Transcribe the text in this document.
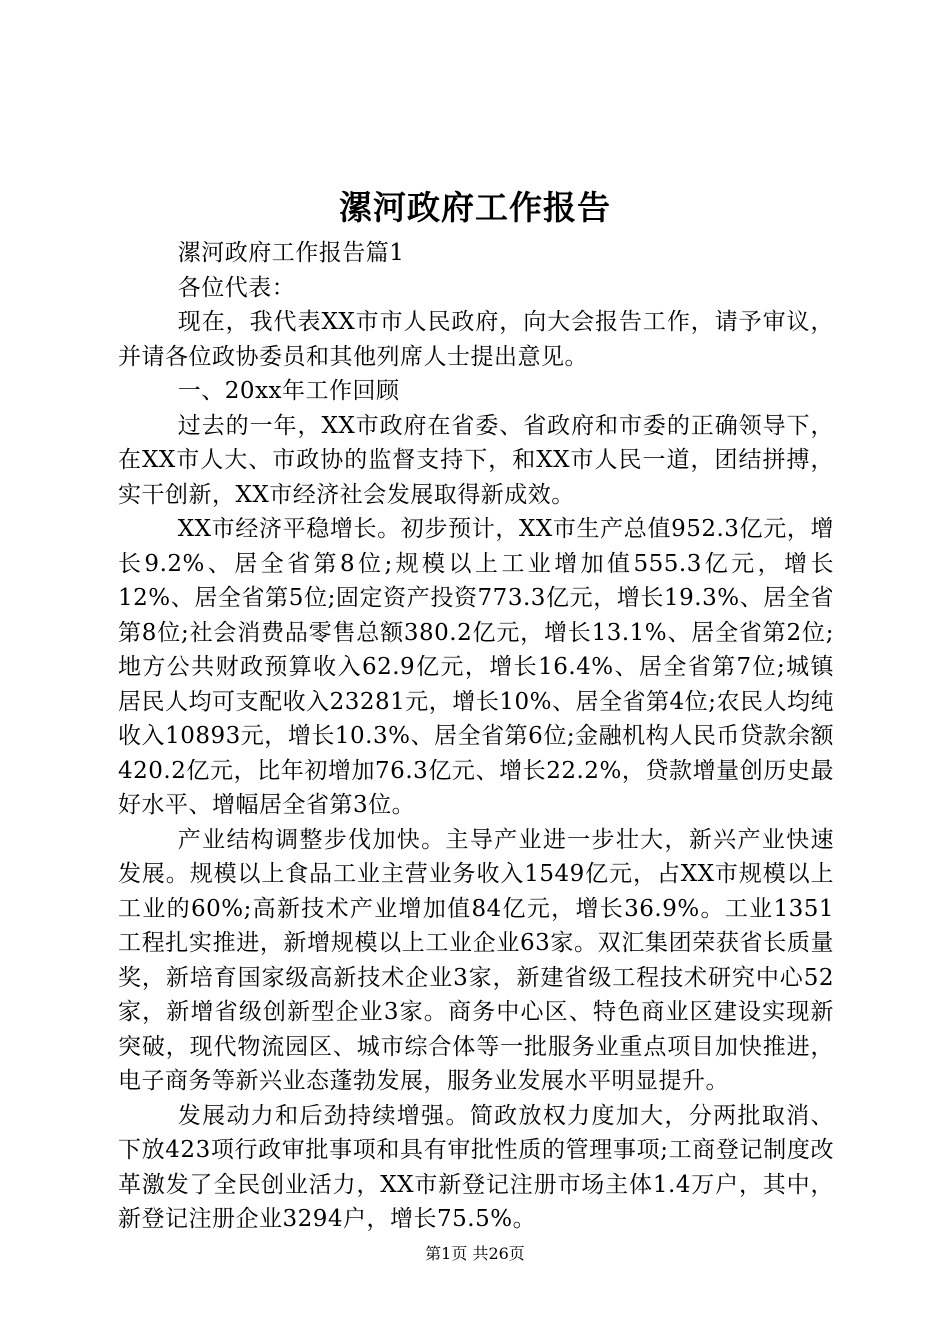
漯河政府工作报告

漯河政府工作报告篇1

各位代表：

现在，我代表XX市市人民政府，向大会报告工作，请予审议，并请各位政协委员和其他列席人士提出意见。

一、20xx年工作回顾

过去的一年，XX市政府在省委、省政府和市委的正确领导下，在XX市人大、市政协的监督支持下，和XX市人民一道，团结拼搏，实干创新，XX市经济社会发展取得新成效。

XX市经济平稳增长。初步预计，XX市生产总值952.3亿元，增长9.2%、居全省第8位;规模以上工业增加值555.3亿元，增长12%、居全省第5位;固定资产投资773.3亿元，增长19.3%、居全省第8位;社会消费品零售总额380.2亿元，增长13.1%、居全省第2位;地方公共财政预算收入62.9亿元，增长16.4%、居全省第7位;城镇居民人均可支配收入23281元，增长10%、居全省第4位;农民人均纯收入10893元，增长10.3%、居全省第6位;金融机构人民币贷款余额420.2亿元，比年初增加76.3亿元、增长22.2%，贷款增量创历史最好水平、增幅居全省第3位。

产业结构调整步伐加快。主导产业进一步壮大，新兴产业快速发展。规模以上食品工业主营业务收入1549亿元，占XX市规模以上工业的60%;高新技术产业增加值84亿元，增长36.9%。工业1351工程扎实推进，新增规模以上工业企业63家。双汇集团荣获省长质量奖，新培育国家级高新技术企业3家，新建省级工程技术研究中心52家，新增省级创新型企业3家。商务中心区、特色商业区建设实现新突破，现代物流园区、城市综合体等一批服务业重点项目加快推进，电子商务等新兴业态蓬勃发展，服务业发展水平明显提升。

发展动力和后劲持续增强。简政放权力度加大，分两批取消、下放423项行政审批事项和具有审批性质的管理事项;工商登记制度改革激发了全民创业活力，XX市新登记注册市场主体1.4万户，其中，新登记注册企业3294户，增长75.5%。

第1页 共26页
